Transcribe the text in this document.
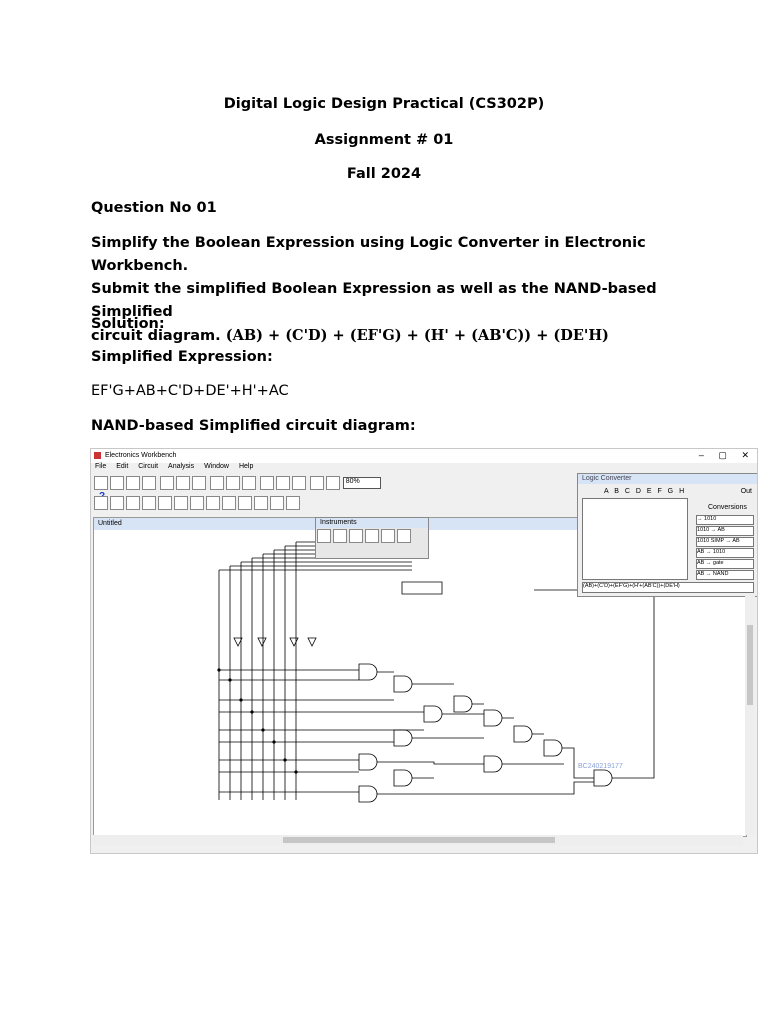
Digital Logic Design Practical (CS302P)
Assignment # 01
Fall 2024
Question No 01
Simplify the Boolean Expression using Logic Converter in Electronic Workbench.
Submit the simplified Boolean Expression as well as the NAND-based Simplified
circuit diagram. (AB) + (C'D) + (EF'G) + (H' + (AB'C)) + (DE'H)
Solution:
Simplified Expression:
EF'G+AB+C'D+DE'+H'+AC
NAND-based Simplified circuit diagram:
Electronics Workbench	– ▢ ✕
File Edit Circuit Analysis Window Help
80%
Untitled
BC240219177
Instruments
Logic Converter
A B C D E F G H	Out
Conversions
→ 1010
1010 → AB
1010 SIMP → AB
AB → 1010
AB → gate
AB → NAND
(AB)+(C'D)+(EF'G)+(H'+(AB'C))+(DE'H)
